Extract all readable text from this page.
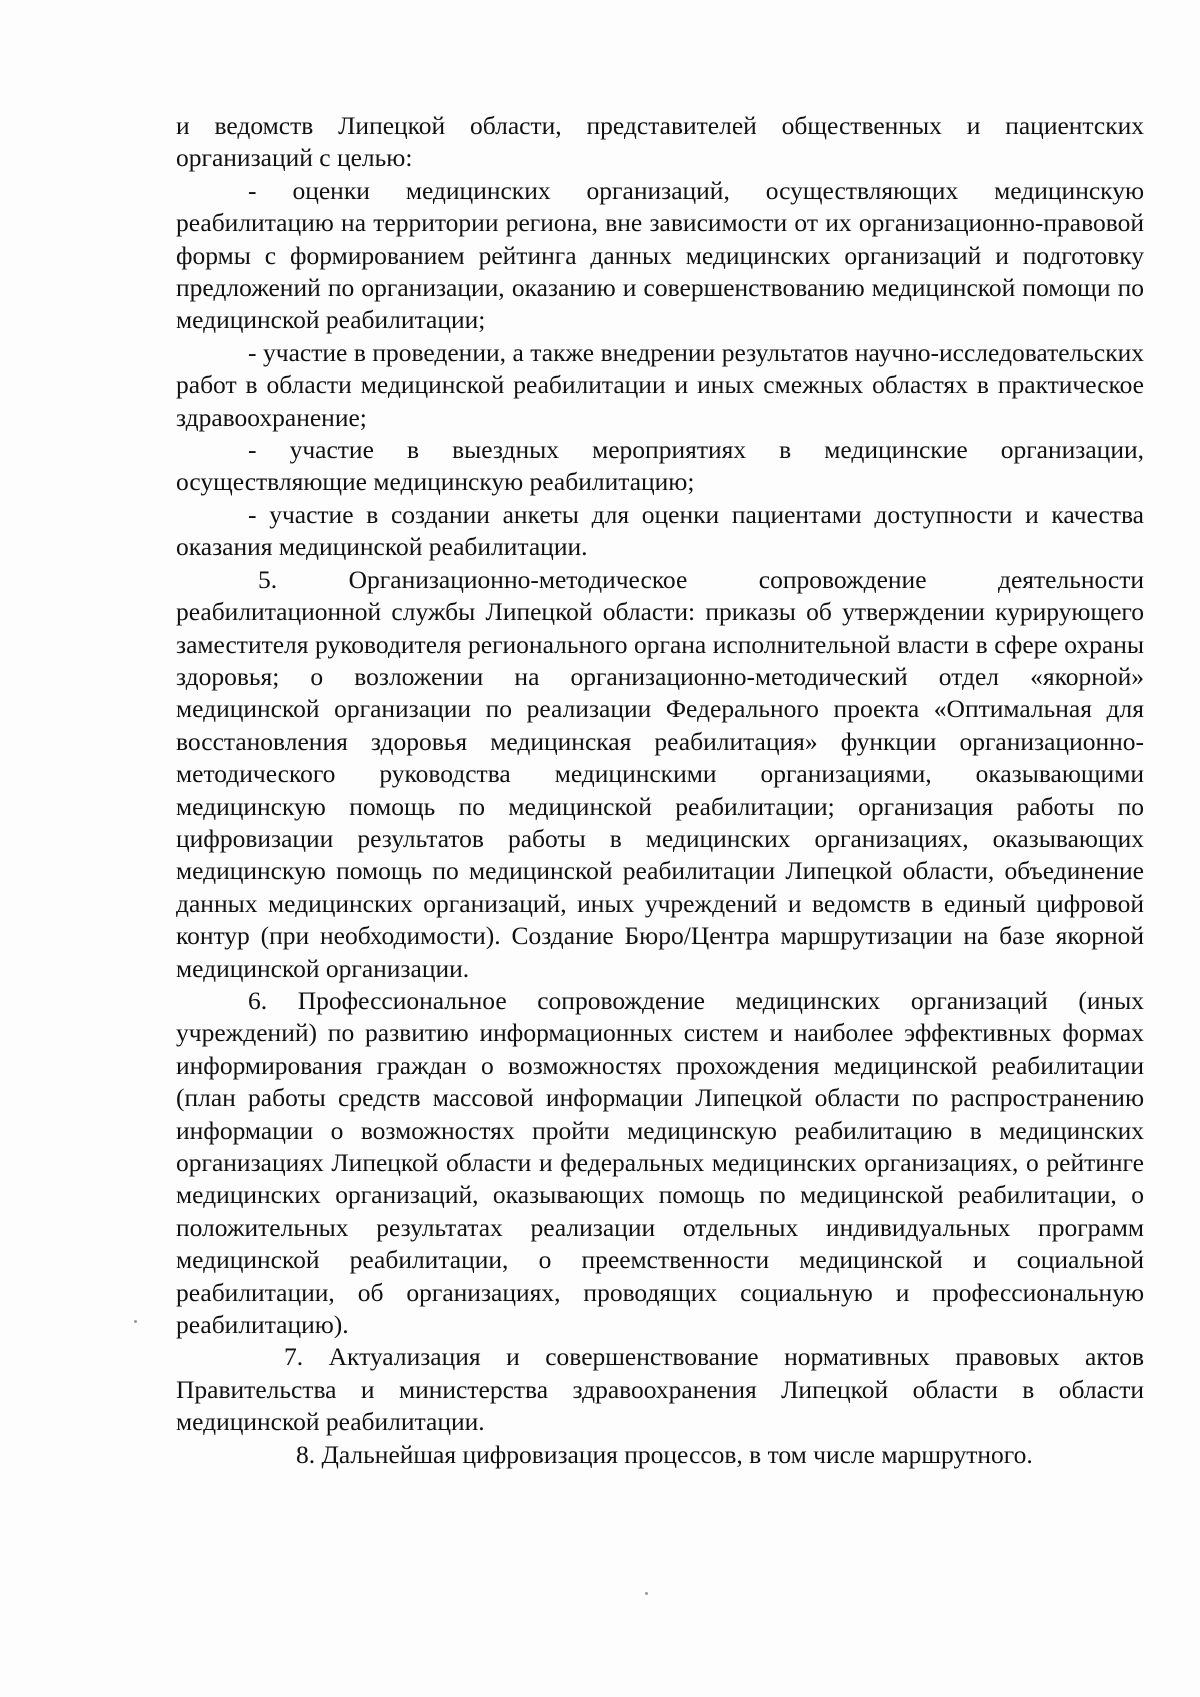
и ведомств Липецкой области, представителей общественных и пациентских организаций с целью:

- оценки медицинских организаций, осуществляющих медицинскую реабилитацию на территории региона, вне зависимости от их организационно-правовой формы с формированием рейтинга данных медицинских организаций и подготовку предложений по организации, оказанию и совершенствованию медицинской помощи по медицинской реабилитации;

- участие в проведении, а также внедрении результатов научно-исследовательских работ в области медицинской реабилитации и иных смежных областях в практическое здравоохранение;

- участие в выездных мероприятиях в медицинские организации, осуществляющие медицинскую реабилитацию;

- участие в создании анкеты для оценки пациентами доступности и качества оказания медицинской реабилитации.

5. Организационно-методическое сопровождение деятельности реабилитационной службы Липецкой области: приказы об утверждении курирующего заместителя руководителя регионального органа исполнительной власти в сфере охраны здоровья; о возложении на организационно-методический отдел «якорной» медицинской организации по реализации Федерального проекта «Оптимальная для восстановления здоровья медицинская реабилитация» функции организационно-методического руководства медицинскими организациями, оказывающими медицинскую помощь по медицинской реабилитации; организация работы по цифровизации результатов работы в медицинских организациях, оказывающих медицинскую помощь по медицинской реабилитации Липецкой области, объединение данных медицинских организаций, иных учреждений и ведомств в единый цифровой контур (при необходимости). Создание Бюро/Центра маршрутизации на базе якорной медицинской организации.

6. Профессиональное сопровождение медицинских организаций (иных учреждений) по развитию информационных систем и наиболее эффективных формах информирования граждан о возможностях прохождения медицинской реабилитации (план работы средств массовой информации Липецкой области по распространению информации о возможностях пройти медицинскую реабилитацию в медицинских организациях Липецкой области и федеральных медицинских организациях, о рейтинге медицинских организаций, оказывающих помощь по медицинской реабилитации, о положительных результатах реализации отдельных индивидуальных программ медицинской реабилитации, о преемственности медицинской и социальной реабилитации, об организациях, проводящих социальную и профессиональную реабилитацию).

7. Актуализация и совершенствование нормативных правовых актов Правительства и министерства здравоохранения Липецкой области в области медицинской реабилитации.

8. Дальнейшая цифровизация процессов, в том числе маршрутного.
